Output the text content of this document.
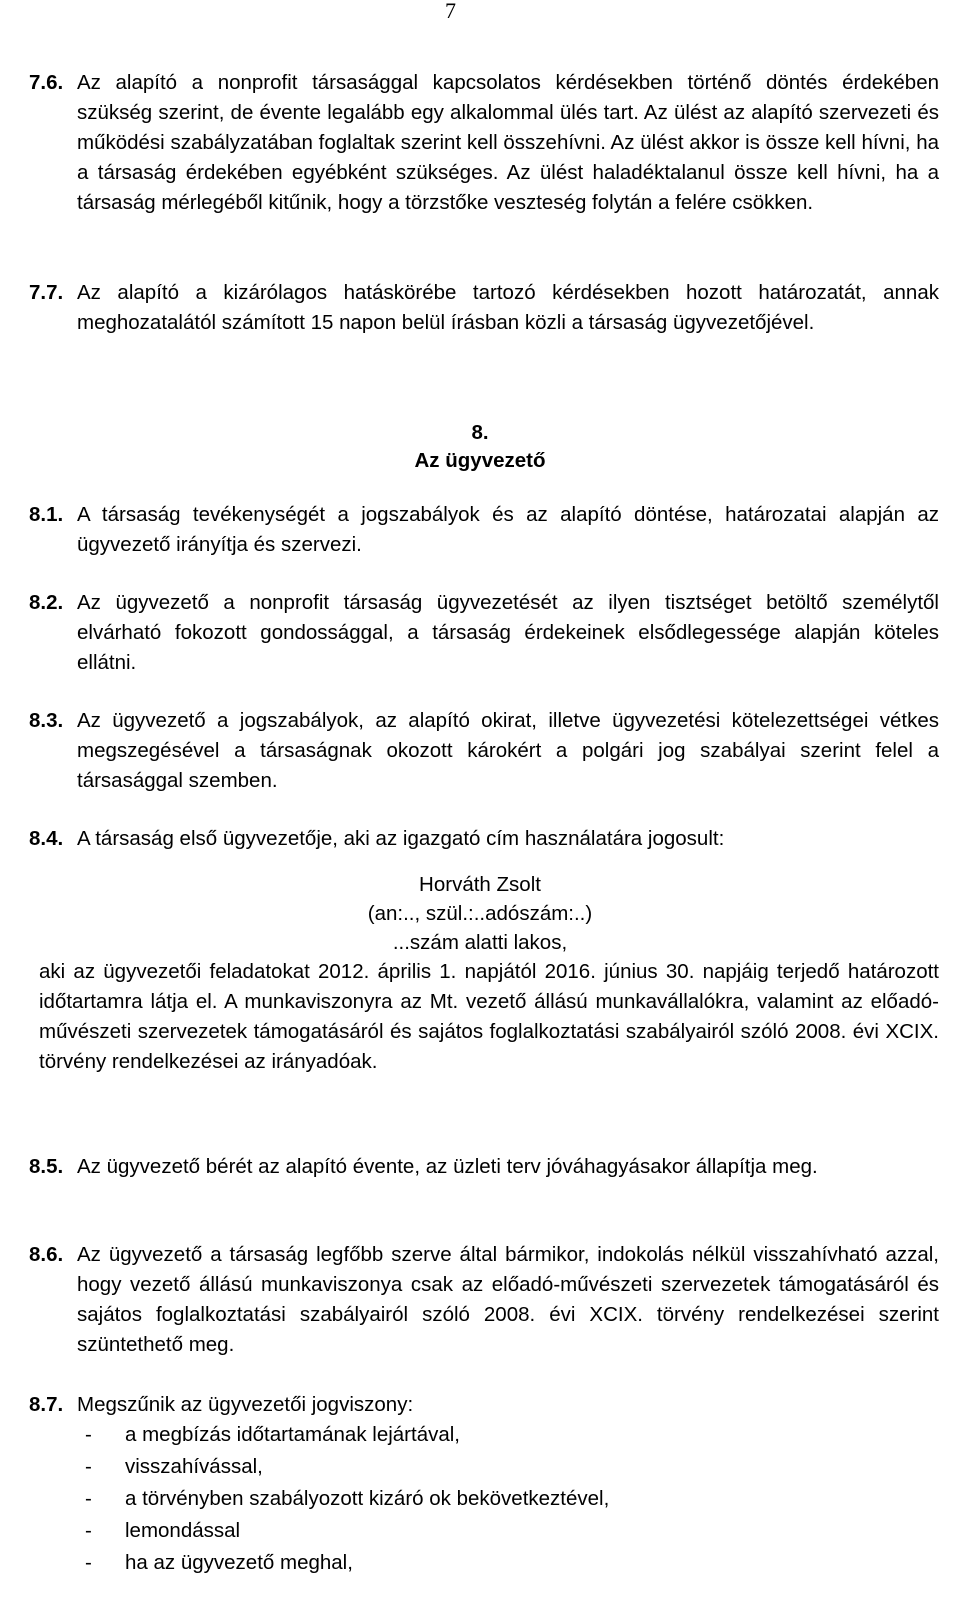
7
7.6. Az alapító a nonprofit társasággal kapcsolatos kérdésekben történő döntés érdekében szükség szerint, de évente legalább egy alkalommal ülés tart. Az ülést az alapító szervezeti és működési szabályzatában foglaltak szerint kell összehívni. Az ülést akkor is össze kell hívni, ha a társaság érdekében egyébként szükséges. Az ülést haladéktalanul össze kell hívni, ha a társaság mérlegéből kitűnik, hogy a törzstőke veszteség folytán a felére csökken.
7.7. Az alapító a kizárólagos hatáskörébe tartozó kérdésekben hozott határozatát, annak meghozatalától számított 15 napon belül írásban közli a társaság ügyvezetőjével.
8.
Az ügyvezető
8.1. A társaság tevékenységét a jogszabályok és az alapító döntése, határozatai alapján az ügyvezető irányítja és szervezi.
8.2. Az ügyvezető a nonprofit társaság ügyvezetését az ilyen tisztséget betöltő személytől elvárható fokozott gondossággal, a társaság érdekeinek elsődlegessége alapján köteles ellátni.
8.3. Az ügyvezető a jogszabályok, az alapító okirat, illetve ügyvezetési kötelezettségei vétkes megszegésével a társaságnak okozott károkért a polgári jog szabályai szerint felel a társasággal szemben.
8.4. A társaság első ügyvezetője, aki az igazgató cím használatára jogosult:
Horváth Zsolt
(an:.., szül.:..adószám:..)
...szám alatti lakos,
aki az ügyvezetői feladatokat 2012. április 1. napjától 2016. június 30. napjáig terjedő határozott időtartamra látja el. A munkaviszonyra az Mt. vezető állású munkavállalókra, valamint az előadó-művészeti szervezetek támogatásáról és sajátos foglalkoztatási szabályairól szóló 2008. évi XCIX. törvény rendelkezései az irányadóak.
8.5. Az ügyvezető bérét az alapító évente, az üzleti terv jóváhagyásakor állapítja meg.
8.6. Az ügyvezető a társaság legfőbb szerve által bármikor, indokolás nélkül visszahívható azzal, hogy vezető állású munkaviszonya csak az előadó-művészeti szervezetek támogatásáról és sajátos foglalkoztatási szabályairól szóló 2008. évi XCIX. törvény rendelkezései szerint szüntethető meg.
8.7. Megszűnik az ügyvezetői jogviszony:
- a megbízás időtartamának lejártával,
- visszahívással,
- a törvényben szabályozott kizáró ok bekövetkeztével,
- lemondással
- ha az ügyvezető meghal,
